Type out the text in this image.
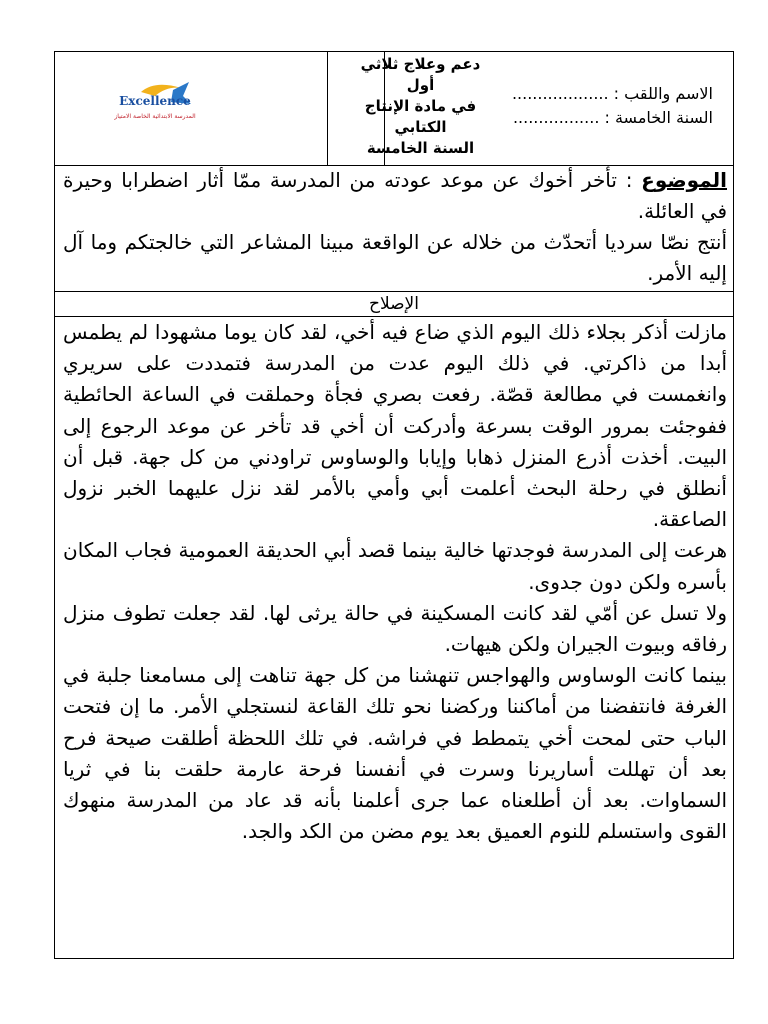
الاسم واللقب : ...................
السنة الخامسة : .................
دعم وعلاج ثلاثي
أول
في مادة الإنتاج
الكتابي
السنة الخامسة
Excellence
المدرسة الابتدائية الخاصة الامتياز
الموضوع : تأخر أخوك عن موعد عودته من المدرسة ممّا أثار اضطرابا وحيرة في العائلة.
أنتج نصّا سرديا أتحدّث من خلاله عن الواقعة مبينا المشاعر التي خالجتكم وما آل إليه الأمر.
الإصلاح

مازلت أذكر بجلاء ذلك اليوم الذي ضاع فيه أخي، لقد كان يوما مشهودا لم يطمس أبدا من ذاكرتي. في ذلك اليوم عدت من المدرسة فتمددت على سريري وانغمست في مطالعة قصّة. رفعت بصري فجأة وحملقت في الساعة الحائطية ففوجئت بمرور الوقت بسرعة وأدركت أن أخي قد تأخر عن موعد الرجوع إلى البيت. أخذت أذرع المنزل ذهابا وإيابا والوساوس تراودني من كل جهة. قبل أن أنطلق في رحلة البحث أعلمت أبي وأمي بالأمر لقد نزل عليهما الخبر نزول الصاعقة.

هرعت إلى المدرسة فوجدتها خالية بينما قصد أبي الحديقة العمومية فجاب المكان بأسره ولكن دون جدوى.

ولا تسل عن أمّي لقد كانت المسكينة في حالة يرثى لها. لقد جعلت تطوف منزل رفاقه وبيوت الجيران ولكن هيهات.

بينما كانت الوساوس والهواجس تنهشنا من كل جهة تناهت إلى مسامعنا جلبة في الغرفة فانتفضنا من أماكننا وركضنا نحو تلك القاعة لنستجلي الأمر. ما إن فتحت الباب حتى لمحت أخي يتمطط في فراشه. في تلك اللحظة أطلقت صيحة فرح بعد أن تهللت أساريرنا وسرت في أنفسنا فرحة عارمة حلقت بنا في ثريا السماوات. بعد أن أطلعناه عما جرى أعلمنا بأنه قد عاد من المدرسة منهوك القوى واستسلم للنوم العميق بعد يوم مضن من الكد والجد.
